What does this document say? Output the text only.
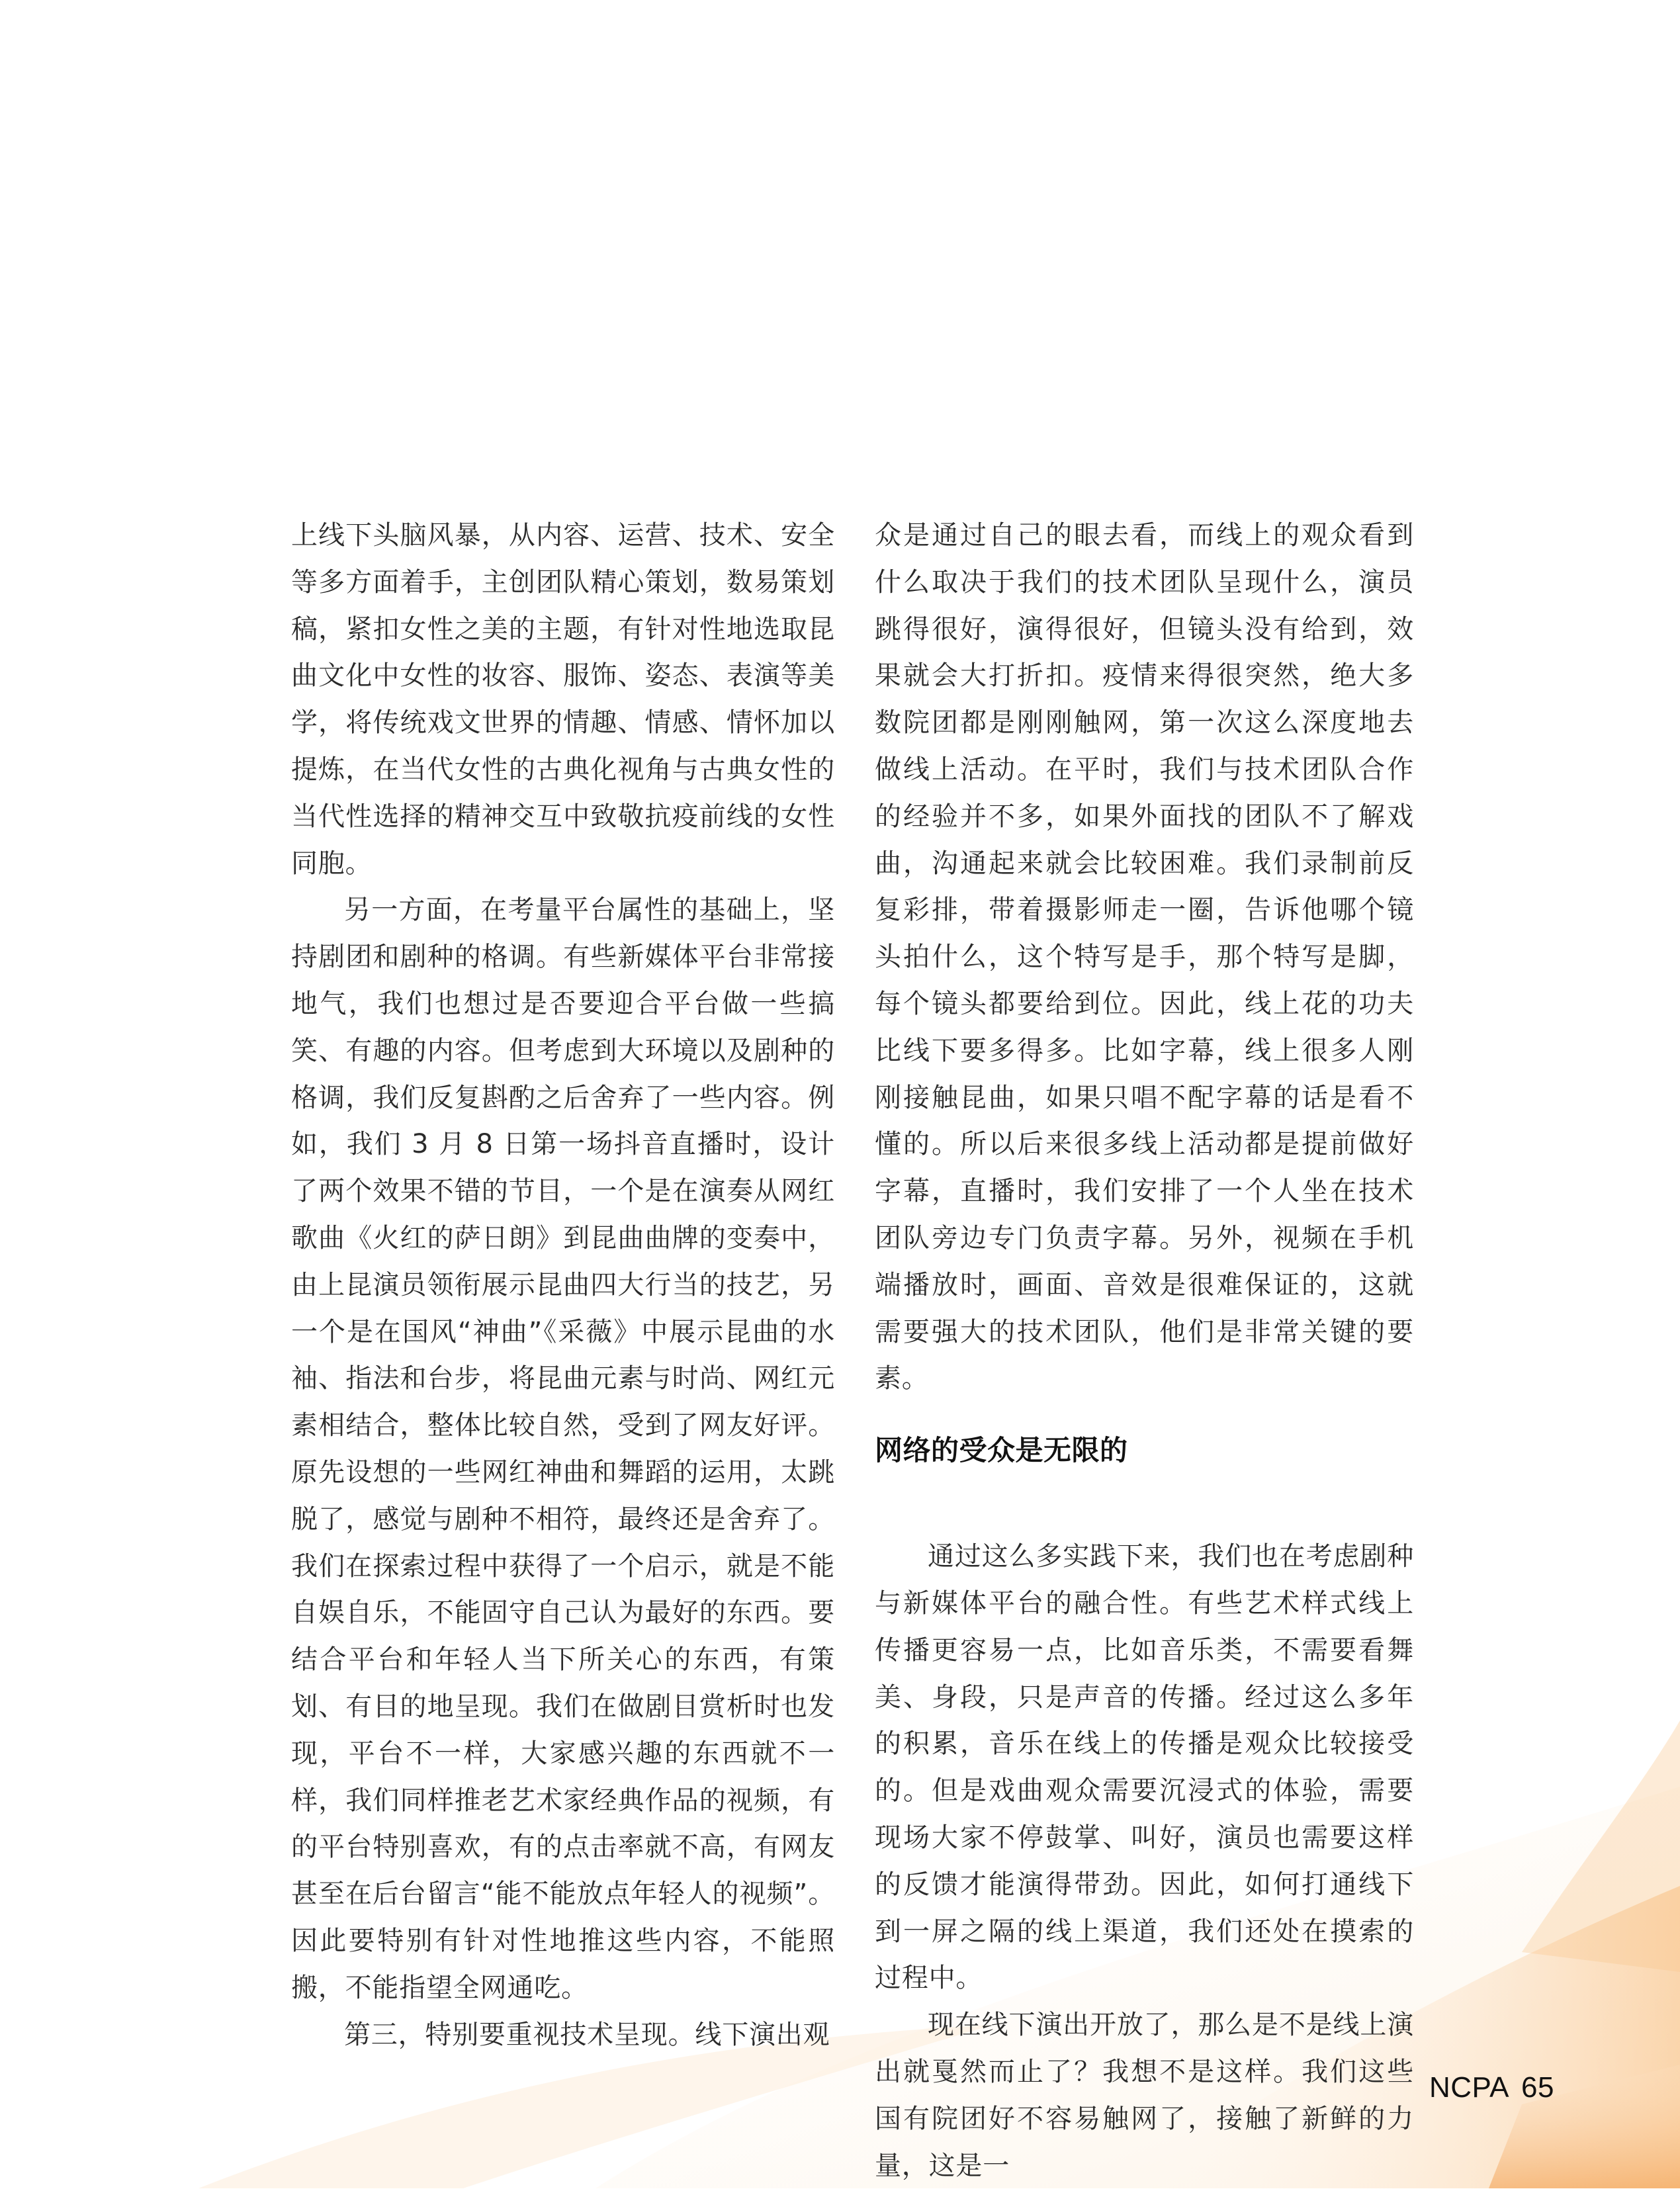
上线下头脑风暴，从内容、运营、技术、安全等多方面着手，主创团队精心策划，数易策划稿，紧扣女性之美的主题，有针对性地选取昆曲文化中女性的妆容、服饰、姿态、表演等美学，将传统戏文世界的情趣、情感、情怀加以提炼，在当代女性的古典化视角与古典女性的当代性选择的精神交互中致敬抗疫前线的女性同胞。

另一方面，在考量平台属性的基础上，坚持剧团和剧种的格调。有些新媒体平台非常接地气，我们也想过是否要迎合平台做一些搞笑、有趣的内容。但考虑到大环境以及剧种的格调，我们反复斟酌之后舍弃了一些内容。例如，我们 3 月 8 日第一场抖音直播时，设计了两个效果不错的节目，一个是在演奏从网红歌曲《火红的萨日朗》到昆曲曲牌的变奏中，由上昆演员领衔展示昆曲四大行当的技艺，另一个是在国风“神曲”《采薇》中展示昆曲的水袖、指法和台步，将昆曲元素与时尚、网红元素相结合，整体比较自然，受到了网友好评。原先设想的一些网红神曲和舞蹈的运用，太跳脱了，感觉与剧种不相符，最终还是舍弃了。我们在探索过程中获得了一个启示，就是不能自娱自乐，不能固守自己认为最好的东西。要结合平台和年轻人当下所关心的东西，有策划、有目的地呈现。我们在做剧目赏析时也发现，平台不一样，大家感兴趣的东西就不一样，我们同样推老艺术家经典作品的视频，有的平台特别喜欢，有的点击率就不高，有网友甚至在后台留言“能不能放点年轻人的视频”。因此要特别有针对性地推这些内容，不能照搬，不能指望全网通吃。

第三，特别要重视技术呈现。线下演出观

众是通过自己的眼去看，而线上的观众看到什么取决于我们的技术团队呈现什么，演员跳得很好，演得很好，但镜头没有给到，效果就会大打折扣。疫情来得很突然，绝大多数院团都是刚刚触网，第一次这么深度地去做线上活动。在平时，我们与技术团队合作的经验并不多，如果外面找的团队不了解戏曲，沟通起来就会比较困难。我们录制前反复彩排，带着摄影师走一圈，告诉他哪个镜头拍什么，这个特写是手，那个特写是脚，每个镜头都要给到位。因此，线上花的功夫比线下要多得多。比如字幕，线上很多人刚刚接触昆曲，如果只唱不配字幕的话是看不懂的。所以后来很多线上活动都是提前做好字幕，直播时，我们安排了一个人坐在技术团队旁边专门负责字幕。另外，视频在手机端播放时，画面、音效是很难保证的，这就需要强大的技术团队，他们是非常关键的要素。

网络的受众是无限的

通过这么多实践下来，我们也在考虑剧种与新媒体平台的融合性。有些艺术样式线上传播更容易一点，比如音乐类，不需要看舞美、身段，只是声音的传播。经过这么多年的积累，音乐在线上的传播是观众比较接受的。但是戏曲观众需要沉浸式的体验，需要现场大家不停鼓掌、叫好，演员也需要这样的反馈才能演得带劲。因此，如何打通线下到一屏之隔的线上渠道，我们还处在摸索的过程中。

现在线下演出开放了，那么是不是线上演出就戛然而止了？我想不是这样。我们这些国有院团好不容易触网了，接触了新鲜的力量，这是一

NCPA 65
